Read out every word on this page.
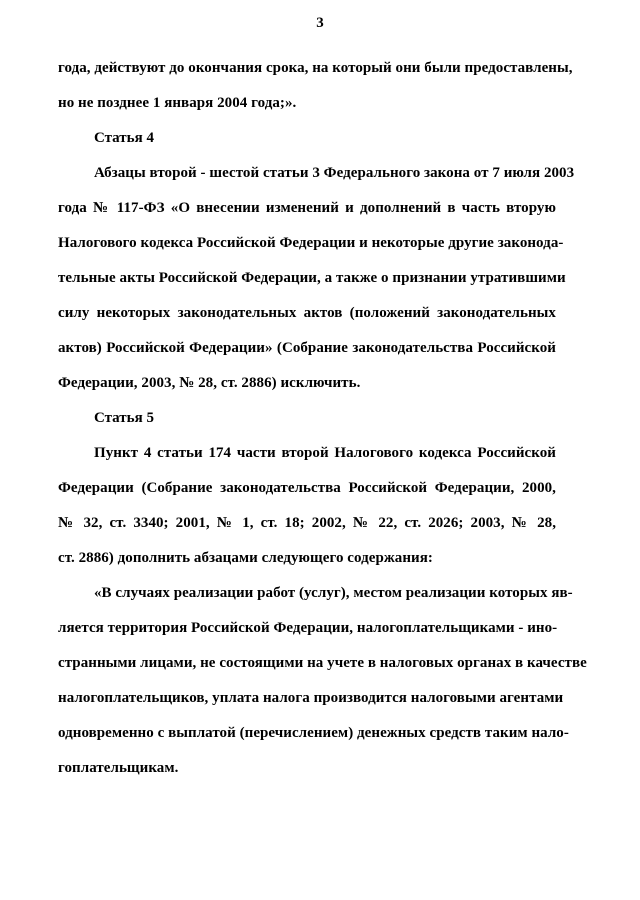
3
года, действуют до окончания срока, на который они были предоставлены,
но не позднее 1 января 2004 года;».
Статья 4
Абзацы второй - шестой статьи 3 Федерального закона от 7 июля 2003
года № 117-ФЗ «О внесении изменений и дополнений в часть вторую
Налогового кодекса Российской Федерации и некоторые другие законода-
тельные акты Российской Федерации, а также о признании утратившими
силу некоторых законодательных актов (положений законодательных
актов) Российской Федерации» (Собрание законодательства Российской
Федерации, 2003, № 28, ст. 2886) исключить.
Статья 5
Пункт 4 статьи 174 части второй Налогового кодекса Российской
Федерации (Собрание законодательства Российской Федерации, 2000,
№ 32, ст. 3340; 2001, № 1, ст. 18; 2002, № 22, ст. 2026; 2003, № 28,
ст. 2886) дополнить абзацами следующего содержания:
«В случаях реализации работ (услуг), местом реализации которых яв-
ляется территория Российской Федерации, налогоплательщиками - ино-
странными лицами, не состоящими на учете в налоговых органах в качестве
налогоплательщиков, уплата налога производится налоговыми агентами
одновременно с выплатой (перечислением) денежных средств таким нало-
гоплательщикам.
